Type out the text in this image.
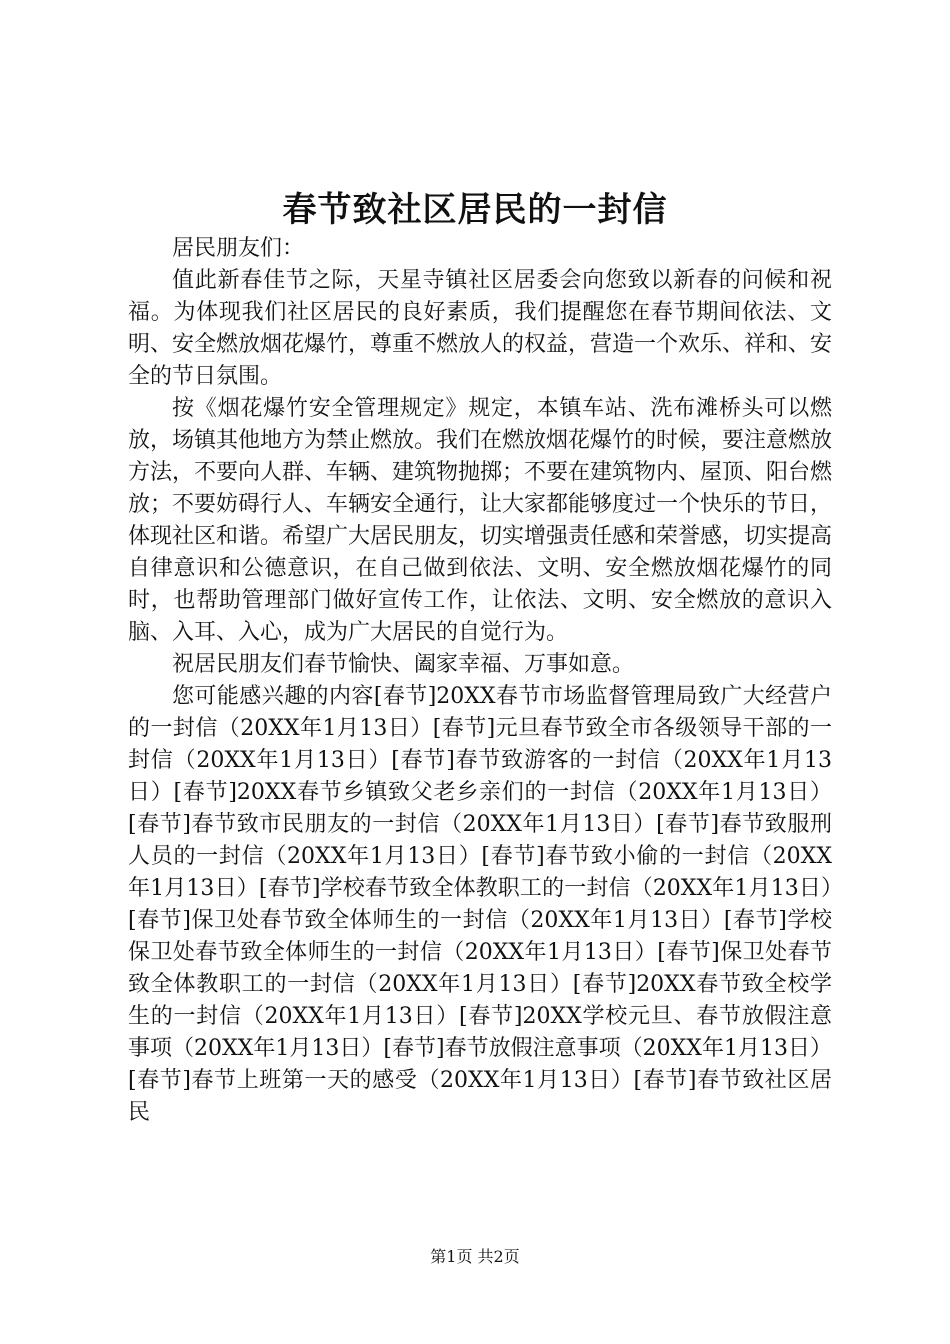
春节致社区居民的一封信

居民朋友们：

值此新春佳节之际，天星寺镇社区居委会向您致以新春的问候和祝福。为体现我们社区居民的良好素质，我们提醒您在春节期间依法、文明、安全燃放烟花爆竹，尊重不燃放人的权益，营造一个欢乐、祥和、安全的节日氛围。

按《烟花爆竹安全管理规定》规定，本镇车站、洗布滩桥头可以燃放，场镇其他地方为禁止燃放。我们在燃放烟花爆竹的时候，要注意燃放方法，不要向人群、车辆、建筑物抛掷；不要在建筑物内、屋顶、阳台燃放；不要妨碍行人、车辆安全通行，让大家都能够度过一个快乐的节日，体现社区和谐。希望广大居民朋友，切实增强责任感和荣誉感，切实提高自律意识和公德意识，在自己做到依法、文明、安全燃放烟花爆竹的同时，也帮助管理部门做好宣传工作，让依法、文明、安全燃放的意识入脑、入耳、入心，成为广大居民的自觉行为。

祝居民朋友们春节愉快、阖家幸福、万事如意。

您可能感兴趣的内容[春节]20XX春节市场监督管理局致广大经营户的一封信（20XX年1月13日）[春节]元旦春节致全市各级领导干部的一封信（20XX年1月13日）[春节]春节致游客的一封信（20XX年1月13日）[春节]20XX春节乡镇致父老乡亲们的一封信（20XX年1月13日）[春节]春节致市民朋友的一封信（20XX年1月13日）[春节]春节致服刑人员的一封信（20XX年1月13日）[春节]春节致小偷的一封信（20XX年1月13日）[春节]学校春节致全体教职工的一封信（20XX年1月13日）[春节]保卫处春节致全体师生的一封信（20XX年1月13日）[春节]学校保卫处春节致全体师生的一封信（20XX年1月13日）[春节]保卫处春节致全体教职工的一封信（20XX年1月13日）[春节]20XX春节致全校学生的一封信（20XX年1月13日）[春节]20XX学校元旦、春节放假注意事项（20XX年1月13日）[春节]春节放假注意事项（20XX年1月13日）[春节]春节上班第一天的感受（20XX年1月13日）[春节]春节致社区居民

第1页 共2页
